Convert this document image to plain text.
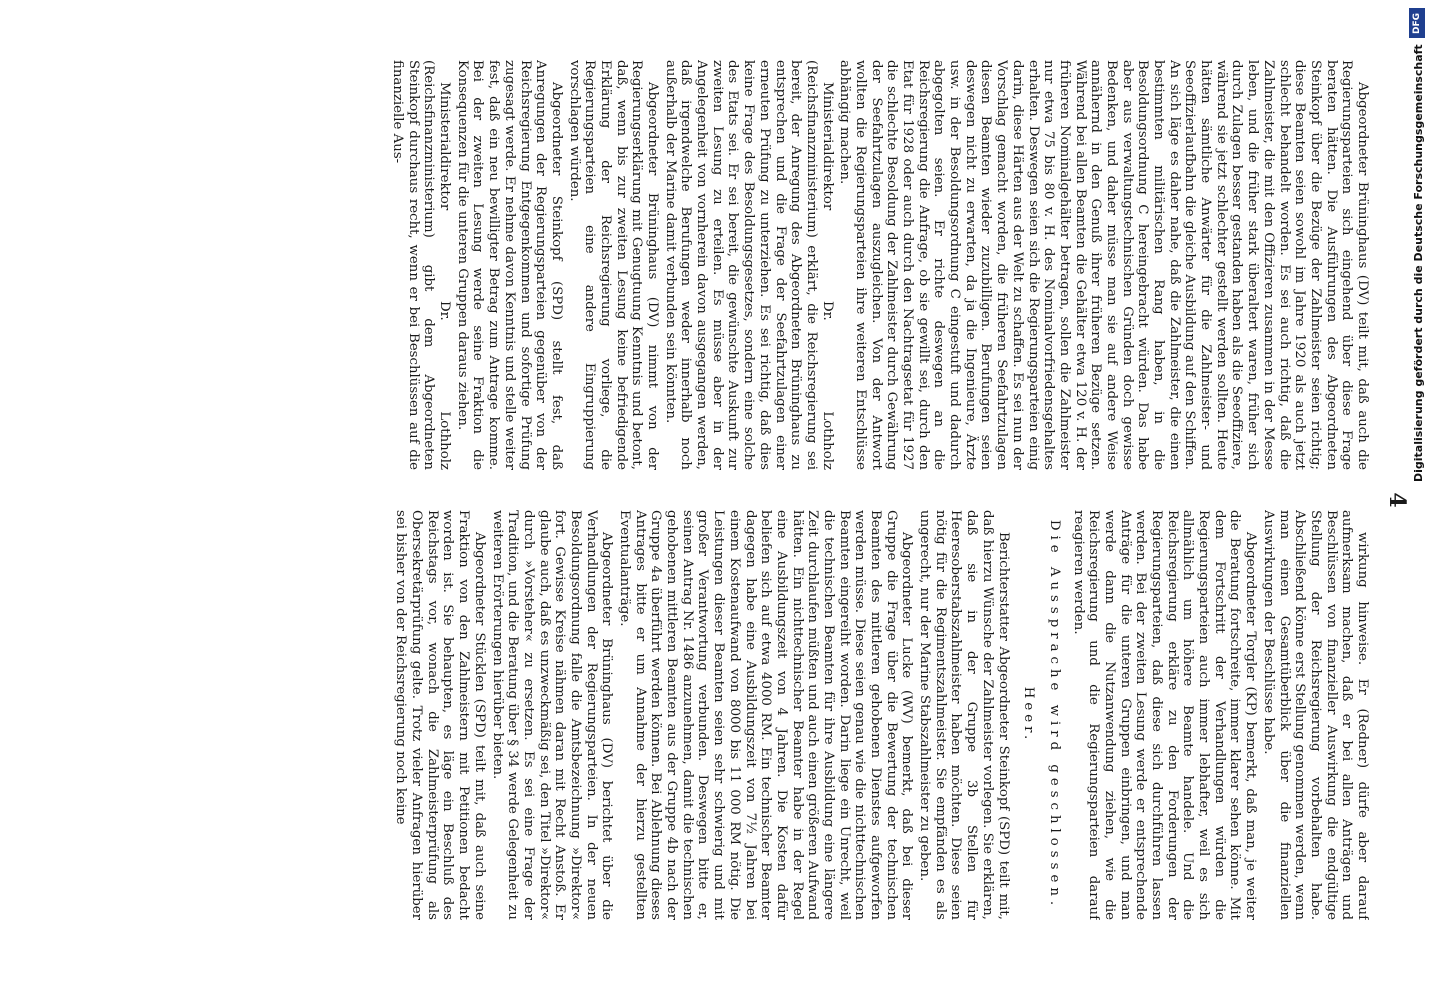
4

Abgeordneter Brüninghaus (DV) teilt mit, daß auch die Regierungsparteien sich eingehend über diese Frage beraten hätten. Die Ausführungen des Abgeordneten Steinkopf über die Bezüge der Zahlmeister seien richtig; diese Beamten seien sowohl im Jahre 1920 als auch jetzt schlecht behandelt worden. Es sei auch richtig, daß die Zahlmeister, die mit den Offizieren zusammen in der Messe leben, und die früher stark überaltert waren, früher sich durch Zulagen besser gestanden haben als die Seeoffiziere, während sie jetzt schlechter gestellt werden sollten. Heute hätten sämtliche Anwärter für die Zahlmeister- und Seeoffizierlaufbahn die gleiche Ausbildung auf den Schiffen. An sich läge es daher nahe, daß die Zahlmeister, die einen bestimmten militärischen Rang haben, in die Besoldungsordnung C hereingebracht würden. Das habe aber aus verwaltungstechnischen Gründen doch gewisse Bedenken, und daher müsse man sie auf andere Weise annähernd in den Genuß ihrer früheren Bezüge setzen. Während bei allen Beamten die Gehälter etwa 120 v. H. der früheren Nominalgehälter betragen, sollen die Zahlmeister nur etwa 75 bis 80 v. H. des Nominalvorfriedensgehaltes erhalten. Deswegen seien sich die Regierungsparteien einig darin, diese Härten aus der Welt zu schaffen. Es sei nun der Vorschlag gemacht worden, die früheren Seefahrtzulagen diesen Beamten wieder zuzubilligen. Berufungen seien deswegen nicht zu erwarten, da ja die Ingenieure, Ärzte usw. in der Besoldungsordnung C eingestuft und dadurch abgegolten seien. Er richte deswegen an die Reichsregierung die Anfrage, ob sie gewillt sei, durch den Etat für 1928 oder auch durch den Nachtragsetat für 1927 die schlechte Besoldung der Zahlmeister durch Gewährung der Seefahrtzulagen auszugleichen. Von der Antwort wollten die Regierungsparteien ihre weiteren Entschlüsse abhängig machen.

Ministerialdirektor Dr. Lothholz (Reichsfinanzministerium) erklärt, die Reichsregierung sei bereit, der Anregung des Abgeordneten Brüninghaus zu entsprechen und die Frage der Seefahrtzulagen einer erneuten Prüfung zu unterziehen. Es sei richtig, daß dies keine Frage des Besoldungsgesetzes, sondern eine solche des Etats sei. Er sei bereit, die gewünschte Auskunft zur zweiten Lesung zu erteilen. Es müsse aber in der Angelegenheit von vornherein davon ausgegangen werden, daß irgendwelche Berufungen weder innerhalb noch außerhalb der Marine damit verbunden sein könnten.

Abgeordneter Brüninghaus (DV) nimmt von der Regierungserklärung mit Genugtuung Kenntnis und betont, daß, wenn bis zur zweiten Lesung keine befriedigende Erklärung der Reichsregierung vorliege, die Regierungsparteien eine andere Eingruppierung vorschlagen würden.

Abgeordneter Steinkopf (SPD) stellt fest, daß Anregungen der Regierungsparteien gegenüber von der Reichsregierung Entgegenkommen und sofortige Prüfung zugesagt werde. Er nehme davon Kenntnis und stelle weiter fest, daß ein neu bewilligter Betrag zum Antrage komme. Bei der zweiten Lesung werde seine Fraktion die Konsequenzen für die unteren Gruppen daraus ziehen.

Ministerialdirektor Dr. Lothholz (Reichsfinanzministerium) gibt dem Abgeordneten Steinkopf durchaus recht, wenn er bei Beschlüssen auf die finanzielle Aus-

wirkung hinweise. Er (Redner) dürfe aber darauf aufmerksam machen, daß er bei allen Anträgen und Beschlüssen von finanzieller Auswirkung die endgültige Stellung der Reichsregierung vorbehalten habe. Abschließend könne erst Stellung genommen werden, wenn man einen Gesamtüberblick über die finanziellen Auswirkungen der Beschlüsse habe.

Abgeordneter Torgler (KP) bemerkt, daß man, je weiter die Beratung fortschreite, immer klarer sehen könne. Mit dem Fortschritt der Verhandlungen würden die Regierungsparteien auch immer lebhafter, weil es sich allmählich um höhere Beamte handele. Und die Reichsregierung erkläre zu den Forderungen der Regierungsparteien, daß diese sich durchführen lassen werden. Bei der zweiten Lesung werde er entsprechende Anträge für die unteren Gruppen einbringen, und man werde dann die Nutzanwendung ziehen, wie die Reichsregierung und die Regierungsparteien darauf reagieren werden.

Die Aussprache wird geschlossen.

Heer.

Berichterstatter Abgeordneter Steinkopf (SPD) teilt mit, daß hierzu Wünsche der Zahlmeister vorlegen. Sie erklären, daß sie in der Gruppe 3b Stellen für Heeresoberstabszahlmeister haben möchten. Diese seien nötig für die Regimentszahlmeister. Sie empfänden es als ungerecht, nur der Marine Stabszahlmeister zu geben.

Abgeordneter Lucke (WV) bemerkt, daß bei dieser Gruppe die Frage über die Bewertung der technischen Beamten des mittleren gehobenen Dienstes aufgeworfen werden müsse. Diese seien genau wie die nichttechnischen Beamten eingereiht worden. Darin liege ein Unrecht, weil die technischen Beamten für ihre Ausbildung eine längere Zeit durchlaufen müßten und auch einen größeren Aufwand hätten. Ein nichttechnischer Beamter habe in der Regel eine Ausbildungszeit von 4 Jahren. Die Kosten dafür beliefen sich auf etwa 4000 RM. Ein technischer Beamter dagegen habe eine Ausbildungszeit von 7½ Jahren bei einem Kostenaufwand von 8000 bis 11 000 RM nötig. Die Leistungen dieser Beamten seien sehr schwierig und mit großer Verantwortung verbunden. Deswegen bitte er, seinen Antrag Nr. 1486 anzunehmen, damit die technischen gehobenen mittleren Beamten aus der Gruppe 4b nach der Gruppe 4a überführt werden können. Bei Ablehnung dieses Antrages bitte er um Annahme der hierzu gestellten Eventualanträge.

Abgeordneter Brüninghaus (DV) berichtet über die Verhandlungen der Regierungsparteien. In der neuen Besoldungsordnung falle die Amtsbezeichnung »Direktor« fort. Gewisse Kreise nähmen daran mit Recht Anstoß. Er glaube auch, daß es unzweckmäßig sei, den Titel »Direktor« durch »Vorsteher« zu ersetzen. Es sei eine Frage der Tradition, und die Beratung über § 34 werde Gelegenheit zu weiteren Erörterungen hierüber bieten.

Abgeordneter Stücklen (SPD) teilt mit, daß auch seine Fraktion von den Zahlmeistern mit Petitionen bedacht worden ist. Sie behaupten, es läge ein Beschluß des Reichstags vor, wonach die Zahlmeisterprüfung als Obersekretärprüfung gelte. Trotz vieler Anfragen hierüber sei bisher von der Reichsregierung noch keine

DFG
Digitalisierung gefördert durch die Deutsche Forschungsgemeinschaft
